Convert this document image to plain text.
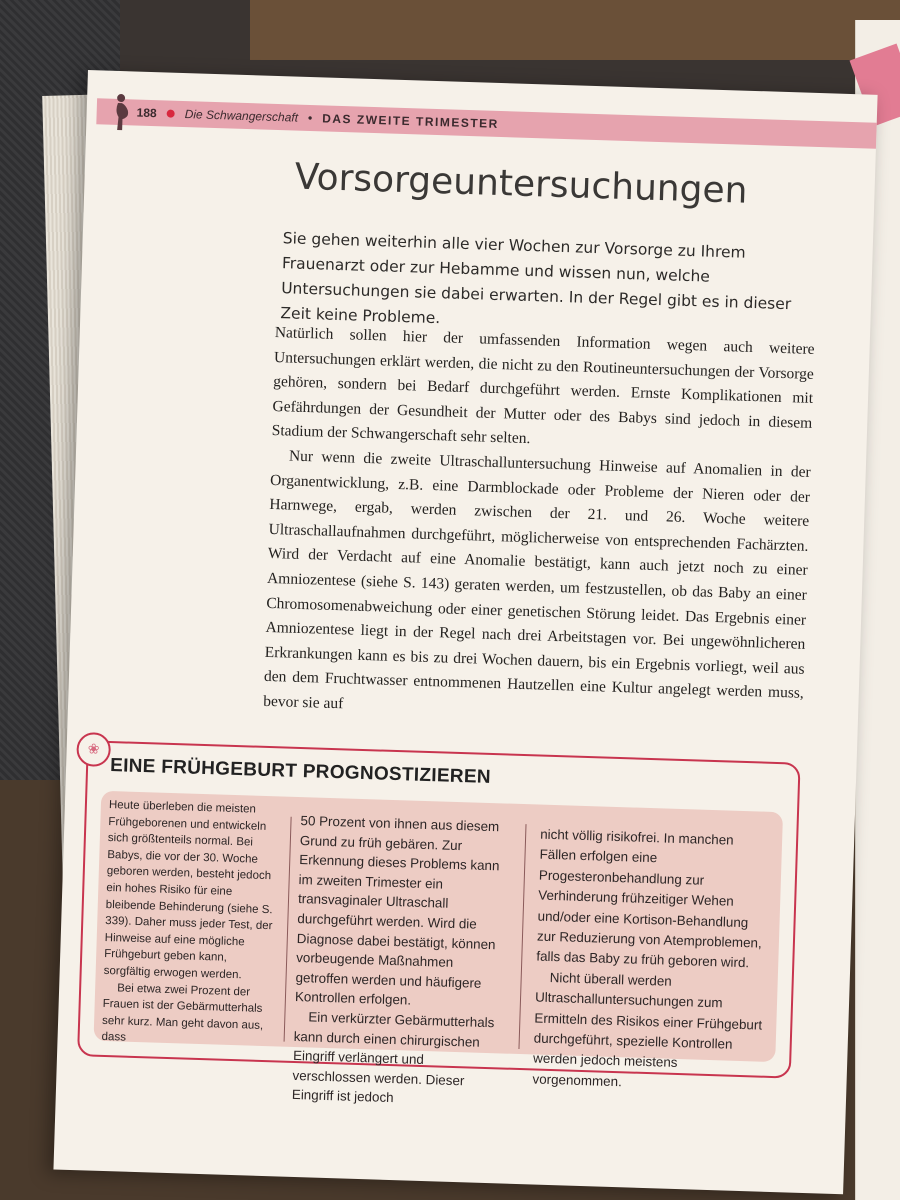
188 Die Schwangerschaft • DAS ZWEITE TRIMESTER
Vorsorgeuntersuchungen

Sie gehen weiterhin alle vier Wochen zur Vorsorge zu Ihrem Frauenarzt oder zur Hebamme und wissen nun, welche Untersuchungen sie dabei erwarten. In der Regel gibt es in dieser Zeit keine Probleme.

Natürlich sollen hier der umfassenden Information wegen auch weitere Untersuchungen erklärt werden, die nicht zu den Routineuntersuchungen der Vorsorge gehören, sondern bei Bedarf durchgeführt werden. Ernste Komplikationen mit Gefährdungen der Gesundheit der Mutter oder des Babys sind jedoch in diesem Stadium der Schwangerschaft sehr selten.

Nur wenn die zweite Ultraschalluntersuchung Hinweise auf Anomalien in der Organentwicklung, z.B. eine Darmblockade oder Probleme der Nieren oder der Harnwege, ergab, werden zwischen der 21. und 26. Woche weitere Ultraschallaufnahmen durchgeführt, möglicherweise von entsprechenden Fachärzten. Wird der Verdacht auf eine Anomalie bestätigt, kann auch jetzt noch zu einer Amniozentese (siehe S. 143) geraten werden, um festzustellen, ob das Baby an einer Chromosomenabweichung oder einer genetischen Störung leidet. Das Ergebnis einer Amniozentese liegt in der Regel nach drei Arbeitstagen vor. Bei ungewöhnlicheren Erkrankungen kann es bis zu drei Wochen dauern, bis ein Ergebnis vorliegt, weil aus den dem Fruchtwasser entnommenen Hautzellen eine Kultur angelegt werden muss, bevor sie auf

❀
EINE FRÜHGEBURT PROGNOSTIZIEREN

Heute überleben die meisten Frühgeborenen und entwickeln sich größtenteils normal. Bei Babys, die vor der 30. Woche geboren werden, besteht jedoch ein hohes Risiko für eine bleibende Behinderung (siehe S. 339). Daher muss jeder Test, der Hinweise auf eine mögliche Frühgeburt geben kann, sorgfältig erwogen werden.

Bei etwa zwei Prozent der Frauen ist der Gebärmutterhals sehr kurz. Man geht davon aus, dass

50 Prozent von ihnen aus diesem Grund zu früh gebären. Zur Erkennung dieses Problems kann im zweiten Trimester ein transvaginaler Ultraschall durchgeführt werden. Wird die Diagnose dabei bestätigt, können vorbeugende Maßnahmen getroffen werden und häufigere Kontrollen erfolgen.

Ein verkürzter Gebärmutterhals kann durch einen chirurgischen Eingriff verlängert und verschlossen werden. Dieser Eingriff ist jedoch

nicht völlig risikofrei. In manchen Fällen erfolgen eine Progesteronbehandlung zur Verhinderung frühzeitiger Wehen und/oder eine Kortison-Behandlung zur Reduzierung von Atemproblemen, falls das Baby zu früh geboren wird.

Nicht überall werden Ultraschalluntersuchungen zum Ermitteln des Risikos einer Frühgeburt durchgeführt, spezielle Kontrollen werden jedoch meistens vorgenommen.
